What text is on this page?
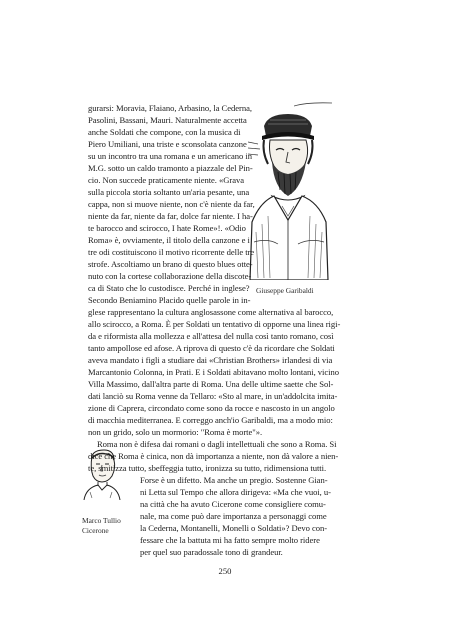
gurarsi: Moravia, Flaiano, Arbasino, la Cederna,
Pasolini, Bassani, Mauri. Naturalmente accetta
anche Soldati che compone, con la musica di
Piero Umiliani, una triste e sconsolata canzone
su un incontro tra una romana e un americano in
M.G. sotto un caldo tramonto a piazzale del Pin-
cio. Non succede praticamente niente. «Grava
sulla piccola storia soltanto un'aria pesante, una
cappa, non si muove niente, non c'è niente da far,
niente da far, niente da far, dolce far niente. I ha-
te barocco and scirocco, I hate Rome»!. «Odio
Roma» è, ovviamente, il titolo della canzone e i
tre odi costituiscono il motivo ricorrente delle tre
strofe. Ascoltiamo un brano di questo blues otte-
nuto con la cortese collaborazione della discote-
ca di Stato che lo custodisce. Perché in inglese?
Secondo Beniamino Placido quelle parole in in-
glese rappresentano la cultura anglosassone come alternativa al barocco,
allo scirocco, a Roma. È per Soldati un tentativo di opporne una linea rigi-
da e riformista alla mollezza e all'attesa del nulla così tanto romano, così
tanto ampollose ed afose. A riprova di questo c'è da ricordare che Soldati
aveva mandato i figli a studiare dai «Christian Brothers» irlandesi di via
Marcantonio Colonna, in Prati. E i Soldati abitavano molto lontani, vicino
Villa Massimo, dall'altra parte di Roma. Una delle ultime saette che Sol-
dati lanciò su Roma venne da Tellaro: «Sto al mare, in un'addolcita imita-
zione di Caprera, circondato come sono da rocce e nascosto in un angolo
di macchia mediterranea. E correggo anch'io Garibaldi, ma a modo mio:
non un grido, solo un mormorio: "Roma è morte"».
Roma non è difesa dai romani o dagli intellettuali che sono a Roma. Si
dice che Roma è cinica, non dà importanza a niente, non dà valore a nien-
te, smitizza tutto, sbeffeggia tutto, ironizza su tutto, ridimensiona tutti.
Forse è un difetto. Ma anche un pregio. Sostenne Gian-
ni Letta sul Tempo che allora dirigeva: «Ma che vuoi, u-
na città che ha avuto Cicerone come consigliere comu-
nale, ma come può dare importanza a personaggi come
la Cederna, Montanelli, Monelli o Soldati»? Devo con-
fessare che la battuta mi ha fatto sempre molto ridere
per quel suo paradossale tono di grandeur.
Giuseppe Garibaldi
Marco Tullio
Cicerone
250
